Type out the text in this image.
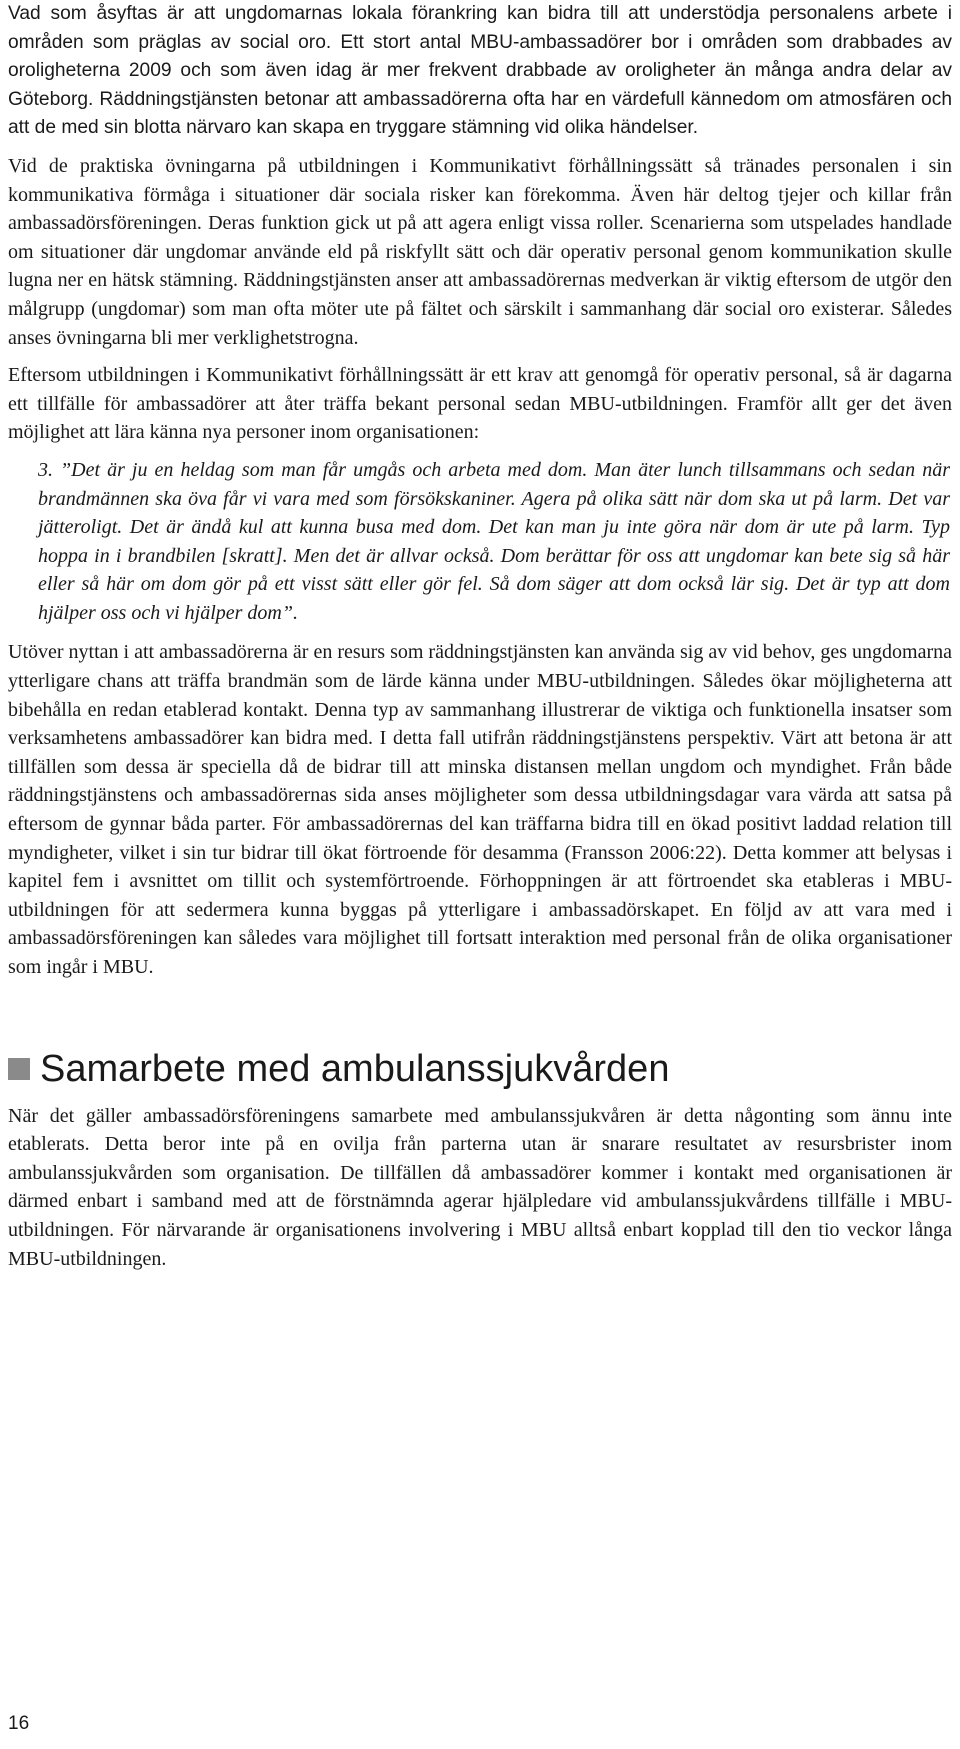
Vad som åsyftas är att ungdomarnas lokala förankring kan bidra till att understödja personalens arbete i områden som präglas av social oro. Ett stort antal MBU-ambassadörer bor i områden som drabbades av oroligheterna 2009 och som även idag är mer frekvent drabbade av oroligheter än många andra delar av Göteborg. Räddningstjänsten betonar att ambassadörerna ofta har en värdefull kännedom om atmosfären och att de med sin blotta närvaro kan skapa en tryggare stämning vid olika händelser.

Vid de praktiska övningarna på utbildningen i Kommunikativt förhållningssätt så tränades personalen i sin kommunikativa förmåga i situationer där sociala risker kan förekomma. Även här deltog tjejer och killar från ambassadörsföreningen. Deras funktion gick ut på att agera enligt vissa roller. Scenarierna som utspelades handlade om situationer där ungdomar använde eld på riskfyllt sätt och där operativ personal genom kommunikation skulle lugna ner en hätsk stämning. Räddningstjänsten anser att ambassadörernas medverkan är viktig eftersom de utgör den målgrupp (ungdomar) som man ofta möter ute på fältet och särskilt i sammanhang där social oro existerar. Således anses övningarna bli mer verklighetstrogna.

Eftersom utbildningen i Kommunikativt förhållningssätt är ett krav att genomgå för operativ personal, så är dagarna ett tillfälle för ambassadörer att åter träffa bekant personal sedan MBU-utbildningen. Framför allt ger det även möjlighet att lära känna nya personer inom organisationen:

3. ”Det är ju en heldag som man får umgås och arbeta med dom. Man äter lunch tillsammans och sedan när brandmännen ska öva får vi vara med som försökskaniner. Agera på olika sätt när dom ska ut på larm. Det var jätteroligt. Det är ändå kul att kunna busa med dom. Det kan man ju inte göra när dom är ute på larm. Typ hoppa in i brandbilen [skratt]. Men det är allvar också. Dom berättar för oss att ungdomar kan bete sig så här eller så här om dom gör på ett visst sätt eller gör fel. Så dom säger att dom också lär sig. Det är typ att dom hjälper oss och vi hjälper dom”.

Utöver nyttan i att ambassadörerna är en resurs som räddningstjänsten kan använda sig av vid behov, ges ungdomarna ytterligare chans att träffa brandmän som de lärde känna under MBU-utbildningen. Således ökar möjligheterna att bibehålla en redan etablerad kontakt. Denna typ av sammanhang illustrerar de viktiga och funktionella insatser som verksamhetens ambassadörer kan bidra med. I detta fall utifrån räddningstjänstens perspektiv. Värt att betona är att tillfällen som dessa är speciella då de bidrar till att minska distansen mellan ungdom och myndighet. Från både räddningstjänstens och ambassadörernas sida anses möjligheter som dessa utbildningsdagar vara värda att satsa på eftersom de gynnar båda parter. För ambassadörernas del kan träffarna bidra till en ökad positivt laddad relation till myndigheter, vilket i sin tur bidrar till ökat förtroende för desamma (Fransson 2006:22). Detta kommer att belysas i kapitel fem i avsnittet om tillit och systemförtroende. Förhoppningen är att förtroendet ska etableras i MBU-utbildningen för att sedermera kunna byggas på ytterligare i ambassadörskapet. En följd av att vara med i ambassadörsföreningen kan således vara möjlighet till fortsatt interaktion med personal från de olika organisationer som ingår i MBU.

Samarbete med ambulanssjukvården

När det gäller ambassadörsföreningens samarbete med ambulanssjukvåren är detta någonting som ännu inte etablerats. Detta beror inte på en ovilja från parterna utan är snarare resultatet av resursbrister inom ambulanssjukvården som organisation. De tillfällen då ambassadörer kommer i kontakt med organisationen är därmed enbart i samband med att de förstnämnda agerar hjälpledare vid ambulanssjukvårdens tillfälle i MBU-utbildningen. För närvarande är organisationens involvering i MBU alltså enbart kopplad till den tio veckor långa MBU-utbildningen.

16
